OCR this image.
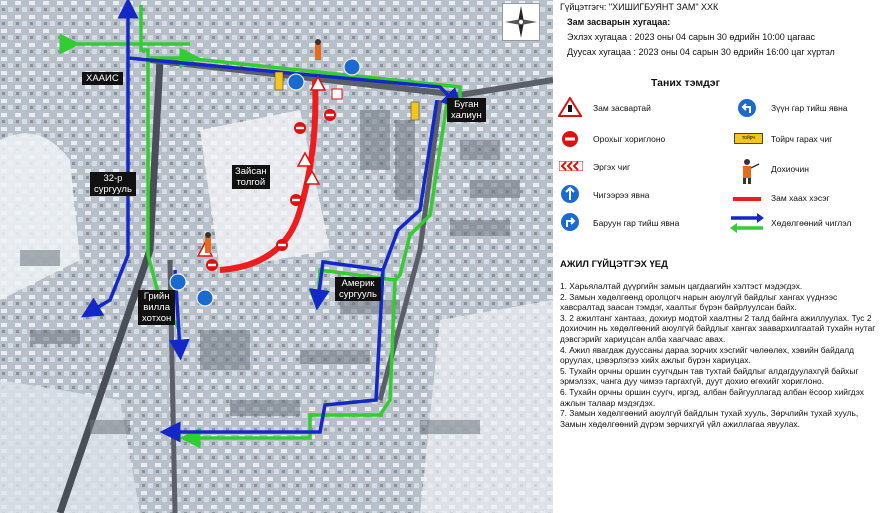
ХААИС
32-р
сургууль
Зайсан
толгой
Буган
халиун
Америк
сургууль
Грийн
вилла
хотхон
Гүйцэтгэгч: "ХИШИГБУЯНТ ЗАМ" ХХК
Зам засварын хугацаа:
Эхлэх хугацаа : 2023 оны 04 сарын 30 өдрийн 10:00 цагаас
Дуусах хугацаа : 2023 оны 04 сарын 30 өдрийн 16:00 цаг хүртэл
Таних тэмдэг
Зам засвартай
Орохыг хориглоно
Эргэх чиг
Чигээрээ явна
Баруун гар тийш явна
Зүүн гар тийш явна
тойрч	Тойрч гарах чиг
Дохиочин
Зам хаах хэсэг
Хөдөлгөөний чиглэл
АЖИЛ ГҮЙЦЭТГЭХ ҮЕД
1. Харьялалтай дүүргийн замын цагдаагийн хэлтэст мэдэгдэх.
2. Замын хөдөлгөөнд оролцогч нарын аюулгүй байдлыг хангах үүднээс хавсралтад заасан тэмдэг, хаалтыг бүрэн байрлуулсан байх.
3. 2 ажилтанг хантааз, дохиур модтой хаалтны 2 талд байнга ажиллуулах. Тус 2 дохиочин нь хөдөлгөөний аюулгүй байдлыг хангах заавархилгаатай тухайн нутаг дэвсгэрийг хариуцсан алба хаагчаас авах.
4. Ажил явагдаж дууссаны дараа зорчих хэсгийг чөлөөлөх, хэвийн байдалд оруулах, цэвэрлэгээ хийх ажлыг бүрэн хариуцах.
5. Тухайн орчны оршин суугчдын тав тухтай байдлыг алдагдуулахгүй байхыг эрмэлзэх, чанга дуу чимээ гаргахгүй, дуут дохио өгөхийг хориглоно.
6. Тухайн орчны оршин суугч, иргэд, албан байгууллагад албан ёсоор хийгдэх ажлын талаар мэдэгдэх.
7. Замын хөдөлгөөний аюулгүй байдлын тухай хууль, Зөрчлийн тухай хууль, Замын хөдөлгөөний дүрэм зөрчихгүй үйл ажиллагаа явуулах.
